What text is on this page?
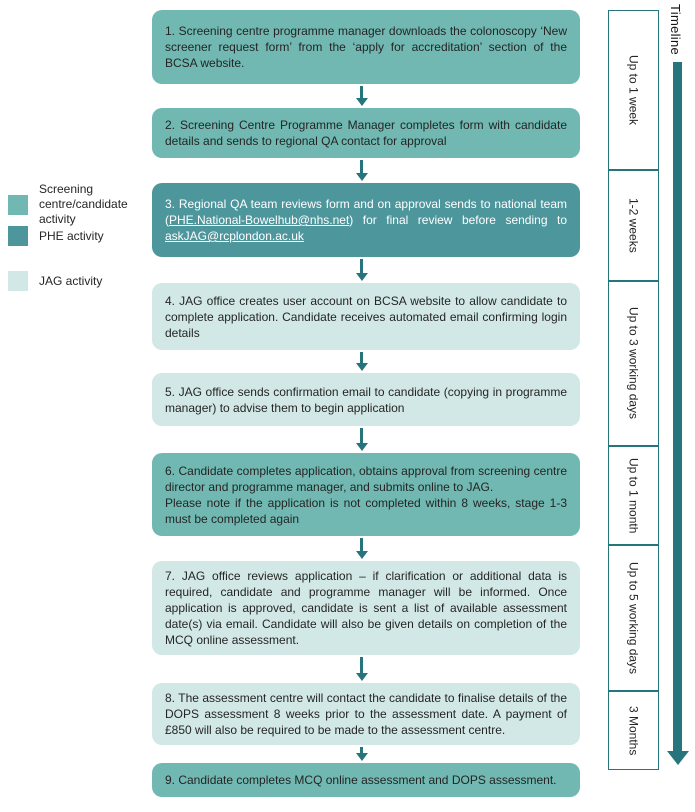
Screening centre/candidate activity
PHE activity
JAG activity

1. Screening centre programme manager downloads the colonoscopy ‘New screener request form’ from the ‘apply for accreditation’ section of the BCSA website.

2. Screening Centre Programme Manager completes form with candidate details and sends to regional QA contact for approval

3. Regional QA team reviews form and on approval sends to national team (PHE.National-Bowelhub@nhs.net) for final review before sending to askJAG@rcplondon.ac.uk

4. JAG office creates user account on BCSA website to allow candidate to complete application. Candidate receives automated email confirming login details

5. JAG office sends confirmation email to candidate (copying in programme manager) to advise them to begin application

6. Candidate completes application, obtains approval from screening centre director and programme manager, and submits online to JAG.

Please note if the application is not completed within 8 weeks, stage 1-3 must be completed again

7. JAG office reviews application – if clarification or additional data is required, candidate and programme manager will be informed. Once application is approved, candidate is sent a list of available assessment date(s) via email. Candidate will also be given details on completion of the MCQ online assessment.

8. The assessment centre will contact the candidate to finalise details of the DOPS assessment 8 weeks prior to the assessment date. A payment of £850 will also be required to be made to the assessment centre.

9. Candidate completes MCQ online assessment and DOPS assessment.

Timeline
Up to 1 week
1-2 weeks
Up to 3 working days
Up to 1 month
Up to 5 working days
3 Months
